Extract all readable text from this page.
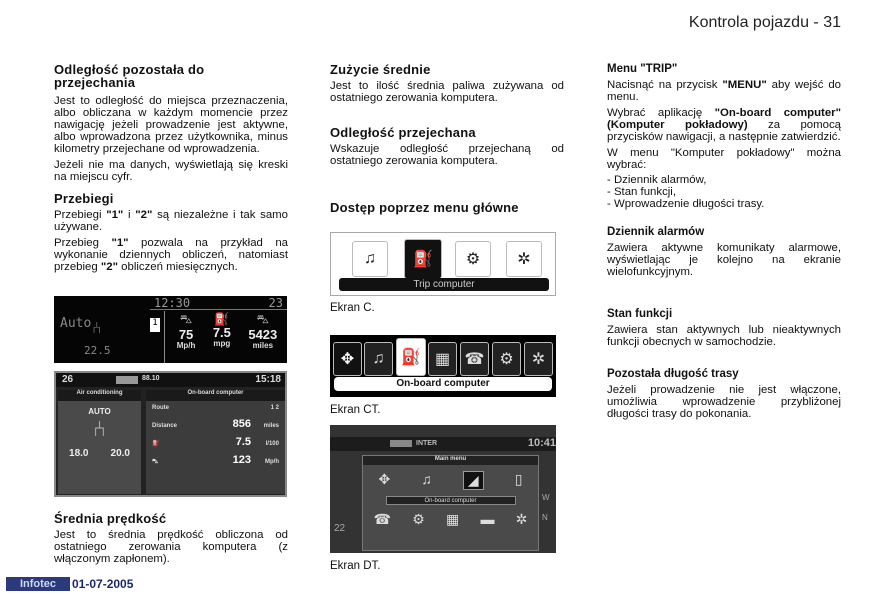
Kontrola pojazdu - 31
Odległość pozostała do przejechania

Jest to odległość do miejsca przeznaczenia, albo obliczana w każdym momencie przez nawigację jeżeli prowadzenie jest aktywne, albo wprowadzona przez użytkownika, minus kilometry przejechane od wprowadzenia.

Jeżeli nie ma danych, wyświetlają się kreski na miejscu cyfr.

Przebiegi

Przebiegi "1" i "2" są niezależne i tak samo używane.

Przebieg "1" pozwala na przykład na wykonanie dziennych obliczeń, natomiast przebieg "2" obliczeń miesięcznych.

12:30	23
Auto ⑃
22.5
1 ⛍
75
Mp/h
⛽
7.5
mpg
⛍
5423
miles
26	88.10	15:18
Air conditioning
AUTO
⑃
18.0 20.0
On-board computer
Route	1 2
Distance	856	miles
⛽	7.5	l/100
⛍	123	Mp/h
Średnia prędkość

Jest to średnia prędkość obliczona od ostatniego zerowania komputera (z włączonym zapłonem).

Zużycie średnie

Jest to ilość średnia paliwa zużywana od ostatniego zerowania komputera.

Odległość przejechana

Wskazuje odległość przejechaną od ostatniego zerowania komputera.

Dostęp poprzez menu główne
♫	⛽	⚙	✲
Trip computer
Ekran C.
✥	♫	⛽ ▦ ☎ ⚙	✲
On-board computer
Ekran CT.
INTER	10:41
22
W
N
Main menu
✥ ♫	◢	▯
On-board computer
☎ ⚙ ▦ ▬ ✲
Ekran DT.
Menu "TRIP"

Nacisnąć na przycisk "MENU" aby wejść do menu.

Wybrać aplikację "On-board computer" (Komputer pokładowy) za pomocą przycisków nawigacji, a następnie zatwierdzić.

W menu "Komputer pokładowy" można wybrać:

- Dziennik alarmów,
- Stan funkcji,
- Wprowadzenie długości trasy.
Dziennik alarmów

Zawiera aktywne komunikaty alarmowe, wyświetlając je kolejno na ekranie wielofunkcyjnym.

Stan funkcji

Zawiera stan aktywnych lub nieaktywnych funkcji obecnych w samochodzie.

Pozostała długość trasy

Jeżeli prowadzenie nie jest włączone, umożliwia wprowadzenie przybliżonej długości trasy do pokonania.

Infotec	01-07-2005
